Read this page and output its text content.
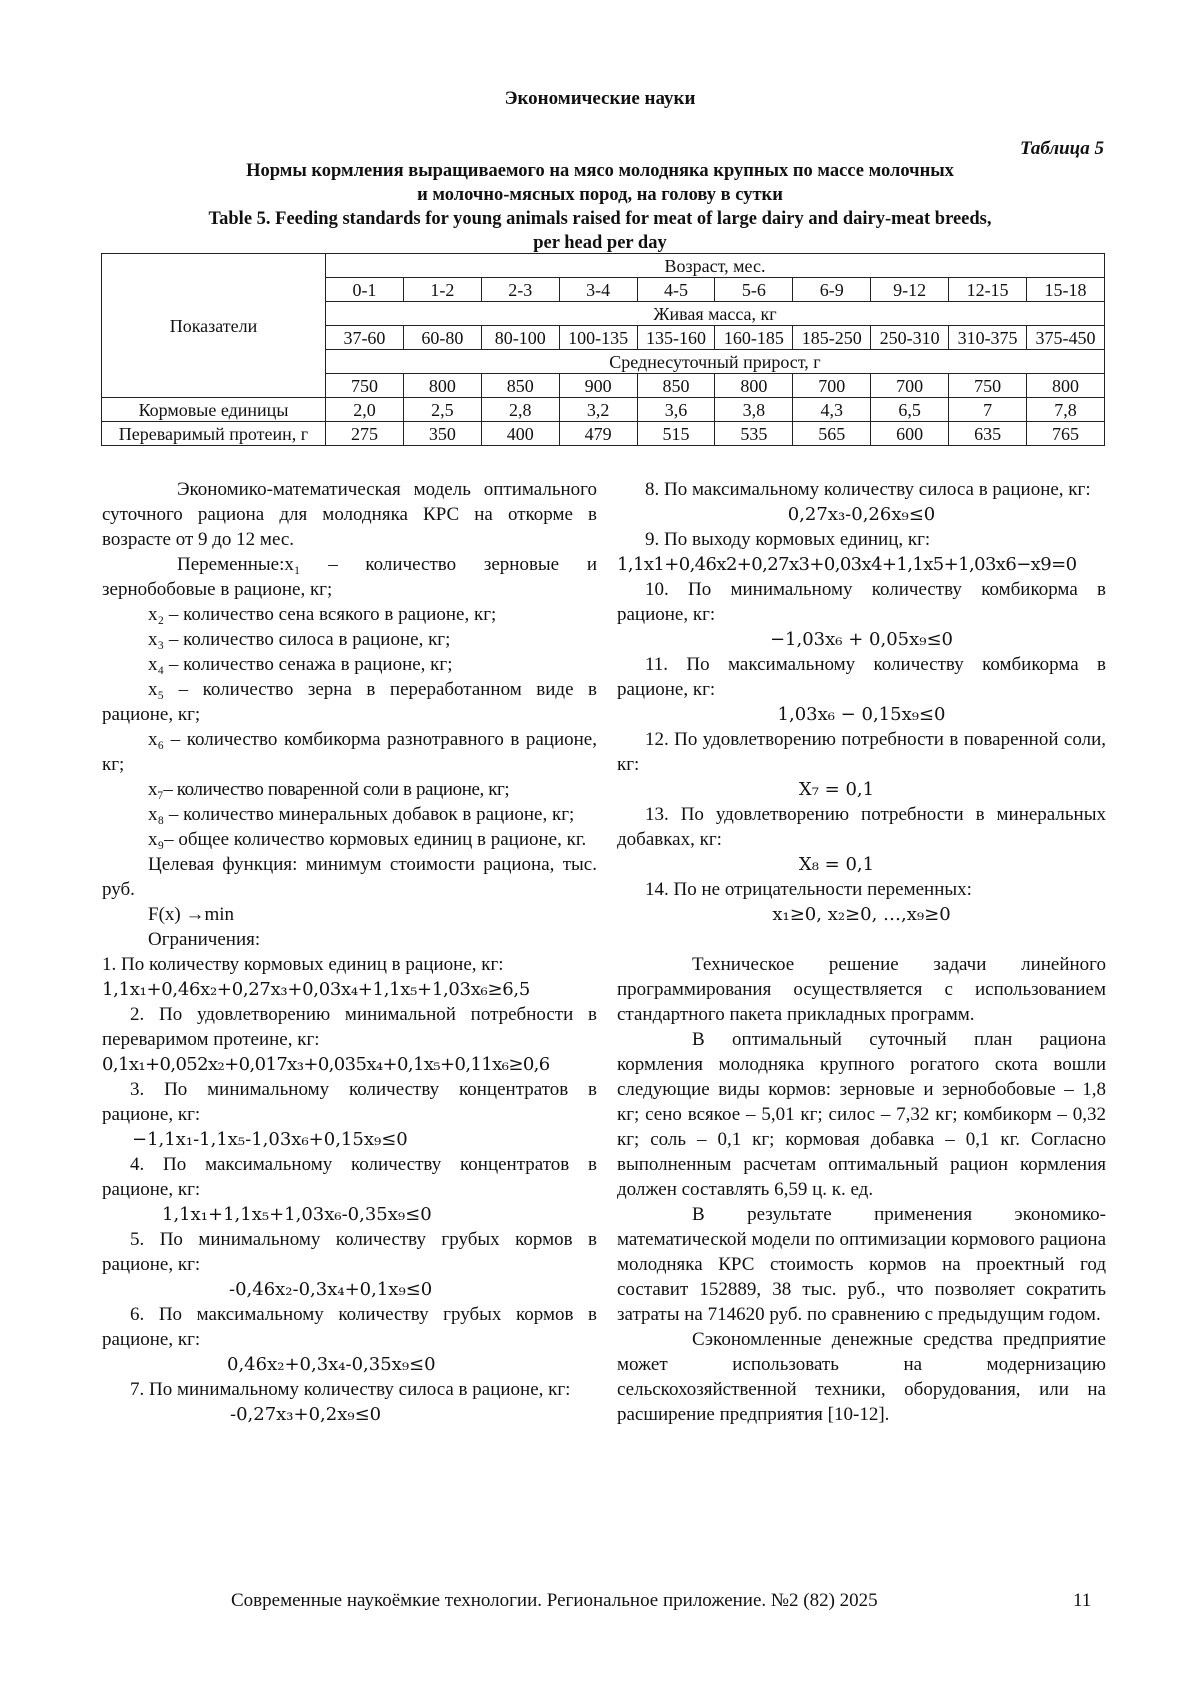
Экономические науки
Таблица 5
Нормы кормления выращиваемого на мясо молодняка крупных по массе молочных
и молочно-мясных пород, на голову в сутки
Table 5. Feeding standards for young animals raised for meat of large dairy and dairy-meat breeds,
per head per day
Показатели	Возраст, мес.									
	0-1	1-2	2-3	3-4	4-5	5-6	6-9	9-12	12-15	15-18
	Живая масса, кг									
	37-60	60-80	80-100	100-135	135-160	160-185	185-250	250-310	310-375	375-450
	Среднесуточный прирост, г									
	750	800	850	900	850	800	700	700	750	800
Кормовые единицы	2,0	2,5	2,8	3,2	3,6	3,8	4,3	6,5	7	7,8
Переваримый протеин, г	275	350	400	479	515	535	565	600	635	765

Экономико-математическая модель оптимального суточного рациона для молодняка КРС на откорме в возрасте от 9 до 12 мес.

Переменные:x₁ – количество зерновые и зернобобовые в рационе, кг;

x₂ – количество сена всякого в рационе, кг;

x₃ – количество силоса в рационе, кг;

x₄ – количество сенажа в рационе, кг;

x₅ – количество зерна в переработанном виде в рационе, кг;

x₆ – количество комбикорма разнотравного в рационе, кг;

x₇– количество поваренной соли в рационе, кг;

x₈ – количество минеральных добавок в рационе, кг;

x₉– общее количество кормовых единиц в рационе, кг.

Целевая функция: минимум стоимости рациона, тыс. руб.

F(x) →min

Ограничения:

1. По количеству кормовых единиц в рационе, кг:

1,1x₁+0,46x₂+0,27x₃+0,03x₄+1,1x₅+1,03x₆≥6,5

2. По удовлетворению минимальной потребности в переваримом протеине, кг:

0,1x₁+0,052x₂+0,017x₃+0,035x₄+0,1x₅+0,11x₆≥0,6

3. По минимальному количеству концентратов в рационе, кг:

−1,1x₁-1,1x₅-1,03x₆+0,15x₉≤0

4. По максимальному количеству концентратов в рационе, кг:

1,1x₁+1,1x₅+1,03x₆-0,35x₉≤0

5. По минимальному количеству грубых кормов в рационе, кг:

-0,46x₂-0,3x₄+0,1x₉≤0

6. По максимальному количеству грубых кормов в рационе, кг:

0,46x₂+0,3x₄-0,35x₉≤0

7. По минимальному количеству силоса в рационе, кг:

-0,27x₃+0,2x₉≤0

8. По максимальному количеству силоса в рационе, кг:

0,27x₃-0,26x₉≤0

9. По выходу кормовых единиц, кг:

1,1x1+0,46x2+0,27x3+0,03x4+1,1x5+1,03x6−x9=0

10. По минимальному количеству комбикорма в рационе, кг:

−1,03x₆ + 0,05x₉≤0

11. По максимальному количеству комбикорма в рационе, кг:

1,03x₆ − 0,15x₉≤0

12. По удовлетворению потребности в поваренной соли, кг:

X₇ = 0,1

13. По удовлетворению потребности в минеральных добавках, кг:

X₈ = 0,1

14. По не отрицательности переменных:

x₁≥0, x₂≥0, …,x₉≥0

Техническое решение задачи линейного программирования осуществляется с использованием стандартного пакета прикладных программ.

В оптимальный суточный план рациона кормления молодняка крупного рогатого скота вошли следующие виды кормов: зерновые и зернобобовые – 1,8 кг; сено всякое – 5,01 кг; силос – 7,32 кг; комбикорм – 0,32 кг; соль – 0,1 кг; кормовая добавка – 0,1 кг. Согласно выполненным расчетам оптимальный рацион кормления должен составлять 6,59 ц. к. ед.

В результате применения экономико-математической модели по оптимизации кормового рациона молодняка КРС стоимость кормов на проектный год составит 152889, 38 тыс. руб., что позволяет сократить затраты на 714620 руб. по сравнению с предыдущим годом.

Сэкономленные денежные средства предприятие может использовать на модернизацию сельскохозяйственной техники, оборудования, или на расширение предприятия [10-12].

Современные наукоёмкие технологии. Региональное приложение. №2 (82) 2025	11
